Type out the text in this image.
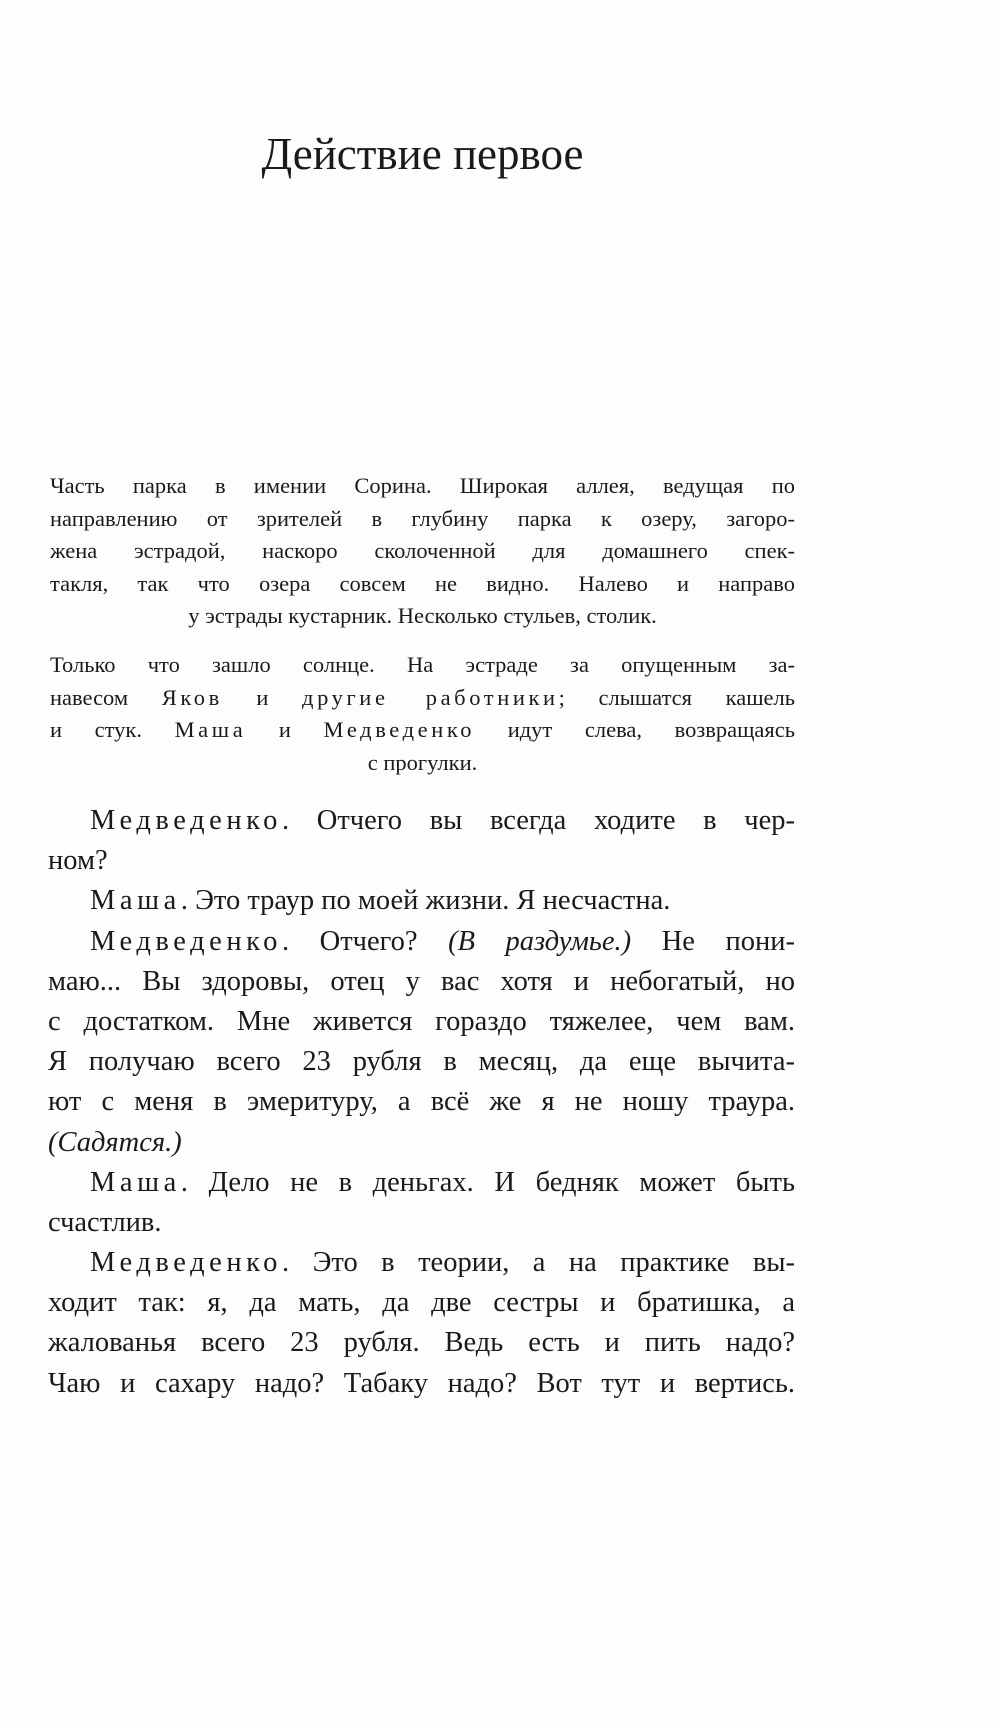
Действие первое
Часть парка в имении Сорина. Широкая аллея, ведущая по
направлению от зрителей в глубину парка к озеру, загоро-
жена эстрадой, наскоро сколоченной для домашнего спек-
такля, так что озера совсем не видно. Налево и направо
у эстрады кустарник. Несколько стульев, столик.
Только что зашло солнце. На эстраде за опущенным за-
навесом Яков и другие работники; слышатся кашель
и стук. Маша и Медведенко идут слева, возвращаясь
с прогулки.
Медведенко. Отчего вы всегда ходите в чер-
ном?
Маша. Это траур по моей жизни. Я несчастна.
Медведенко. Отчего? (В раздумье.) Не пони-
маю... Вы здоровы, отец у вас хотя и небогатый, но
с достатком. Мне живется гораздо тяжелее, чем вам.
Я получаю всего 23 рубля в месяц, да еще вычита-
ют с меня в эмеритуру, а всё же я не ношу траура.
(Садятся.)
Маша. Дело не в деньгах. И бедняк может быть
счастлив.
Медведенко. Это в теории, а на практике вы-
ходит так: я, да мать, да две сестры и братишка, а
жалованья всего 23 рубля. Ведь есть и пить надо?
Чаю и сахару надо? Табаку надо? Вот тут и вертись.
